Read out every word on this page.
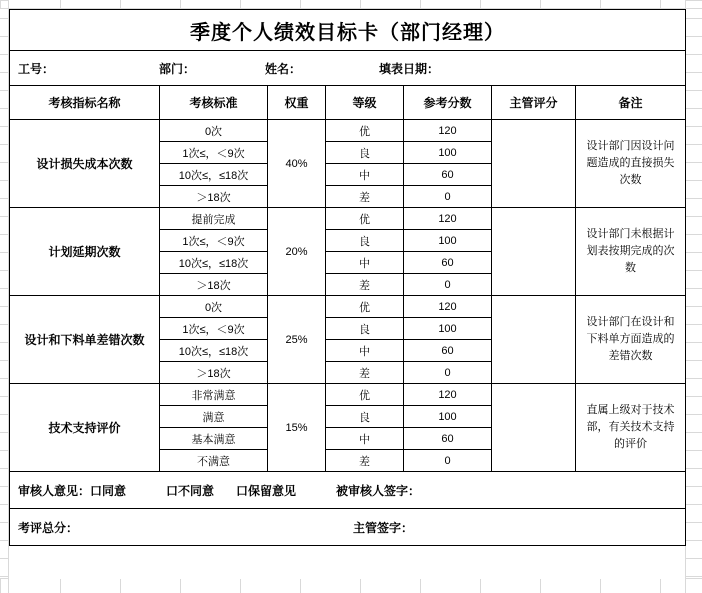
季度个人绩效目标卡（部门经理）						

工号： 部门： 姓名： 填表日期：						

考核指标名称	考核标准	权重	等级	参考分数	主管评分	备注
设计损失成本次数	0次	40%	优	120		设计部门因设计问题造成的直接损失次数
	1次≤，＜9次		良	100		
	10次≤，≤18次		中	60		
	＞18次		差	0		
计划延期次数	提前完成	20%	优	120		设计部门未根据计划表按期完成的次数
	1次≤，＜9次		良	100		
	10次≤，≤18次		中	60		
	＞18次		差	0		
设计和下料单差错次数	0次	25%	优	120		设计部门在设计和下料单方面造成的差错次数
	1次≤，＜9次		良	100		
	10次≤，≤18次		中	60		
	＞18次		差	0		
技术支持评价	非常满意	15%	优	120		直属上级对于技术部，有关技术支持的评价
	满意		良	100		
	基本满意		中	60		
	不满意		差	0		

审核人意见：口同意 口不同意 口保留意见 被审核人签字：						

考评总分： 主管签字：						
